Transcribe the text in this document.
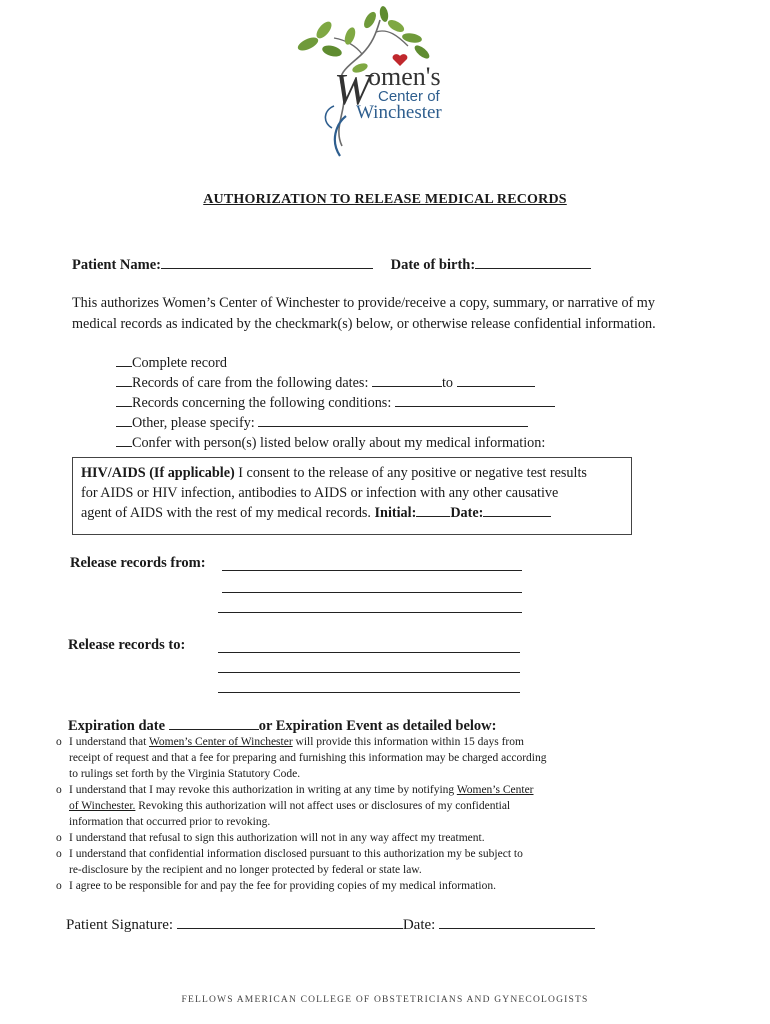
W
omen's
Center of
Winchester
AUTHORIZATION TO RELEASE MEDICAL RECORDS
Patient Name:	Date of birth:
This authorizes Women’s Center of Winchester to provide/receive a copy, summary, or narrative of my
medical records as indicated by the checkmark(s) below, or otherwise release confidential information.
Complete record
Records of care from the following dates:	to
Records concerning the following conditions:
Other, please specify:
Confer with person(s) listed below orally about my medical information:
HIV/AIDS (If applicable) I consent to the release of any positive or negative test results
for AIDS or HIV infection, antibodies to AIDS or infection with any other causative
agent of AIDS with the rest of my medical records. Initial: Date:
Release records from:
Release records to:
Expiration date	or Expiration Event as detailed below:
o I understand that Women’s Center of Winchester will provide this information within 15 days from
receipt of request and that a fee for preparing and furnishing this information may be charged according
to rulings set forth by the Virginia Statutory Code.
o I understand that I may revoke this authorization in writing at any time by notifying Women’s Center
of Winchester. Revoking this authorization will not affect uses or disclosures of my confidential
information that occurred prior to revoking.
o I understand that refusal to sign this authorization will not in any way affect my treatment.
o I understand that confidential information disclosed pursuant to this authorization my be subject to
re-disclosure by the recipient and no longer protected by federal or state law.
o I agree to be responsible for and pay the fee for providing copies of my medical information.
Patient Signature:	Date:
FELLOWS AMERICAN COLLEGE OF OBSTETRICIANS AND GYNECOLOGISTS
